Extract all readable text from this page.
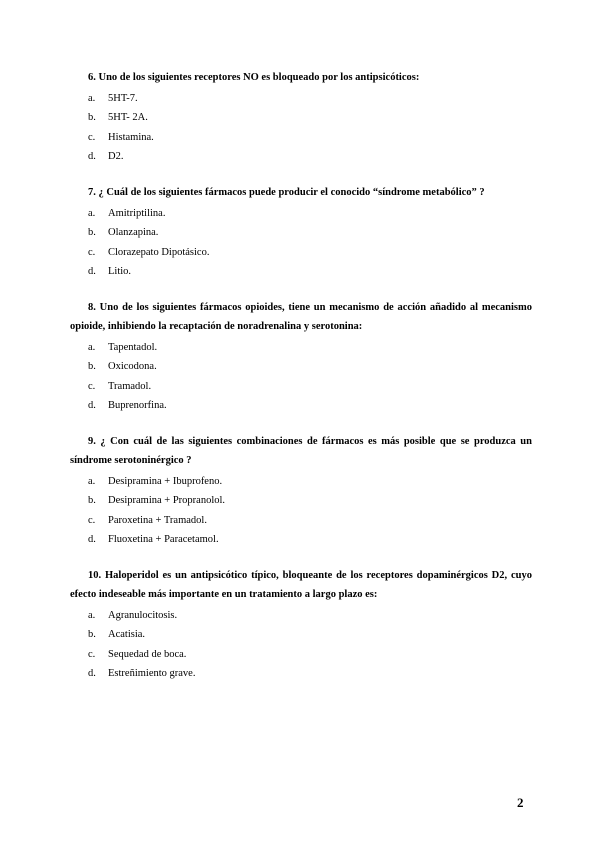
6. Uno de los siguientes receptores NO es bloqueado por los antipsicóticos:

a. 5HT-7.
b. 5HT- 2A.
c. Histamina.
d. D2.

7. ¿ Cuál de los siguientes fármacos puede producir el conocido “síndrome metabólico” ?

a. Amitriptilina.
b. Olanzapina.
c. Clorazepato Dipotásico.
d. Litio.

8. Uno de los siguientes fármacos opioides, tiene un mecanismo de acción añadido al mecanismo opioide, inhibiendo la recaptación de noradrenalina y serotonina:

a. Tapentadol.
b. Oxicodona.
c. Tramadol.
d. Buprenorfina.

9. ¿ Con cuál de las siguientes combinaciones de fármacos es más posible que se produzca un síndrome serotoninérgico ?

a. Desipramina + Ibuprofeno.
b. Desipramina + Propranolol.
c. Paroxetina + Tramadol.
d. Fluoxetina + Paracetamol.

10. Haloperidol es un antipsicótico típico, bloqueante de los receptores dopaminérgicos D2, cuyo efecto indeseable más importante en un tratamiento a largo plazo es:

a. Agranulocitosis.
b. Acatisia.
c. Sequedad de boca.
d. Estreñimiento grave.
2
